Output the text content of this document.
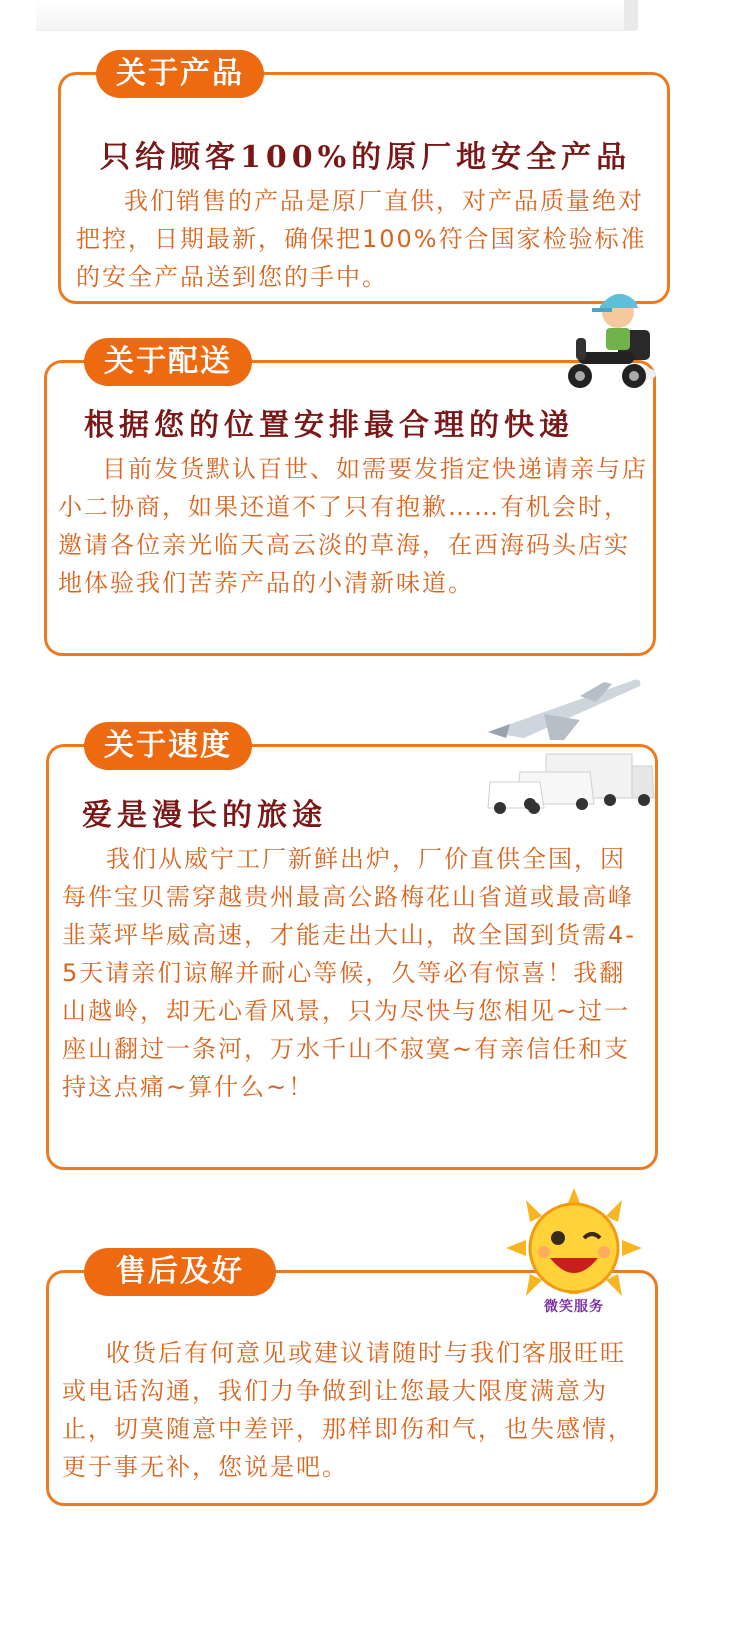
关于产品
只给顾客100%的原厂地安全产品

我们销售的产品是原厂直供，对产品质量绝对把控，日期最新，确保把100%符合国家检验标准的安全产品送到您的手中。

关于配送
根据您的位置安排最合理的快递

目前发货默认百世、如需要发指定快递请亲与店小二协商，如果还道不了只有抱歉……有机会时，邀请各位亲光临天高云淡的草海，在西海码头店实地体验我们苦荞产品的小清新味道。

关于速度
爱是漫长的旅途

我们从威宁工厂新鲜出炉，厂价直供全国，因每件宝贝需穿越贵州最高公路梅花山省道或最高峰韭菜坪毕威高速，才能走出大山，故全国到货需4-5天请亲们谅解并耐心等候，久等必有惊喜！我翻山越岭，却无心看风景，只为尽快与您相见~过一座山翻过一条河，万水千山不寂寞~有亲信任和支持这点痛~算什么~！

售后及好评

收货后有何意见或建议请随时与我们客服旺旺或电话沟通，我们力争做到让您最大限度满意为止，切莫随意中差评，那样即伤和气，也失感情，更于事无补，您说是吧。

微笑服务
